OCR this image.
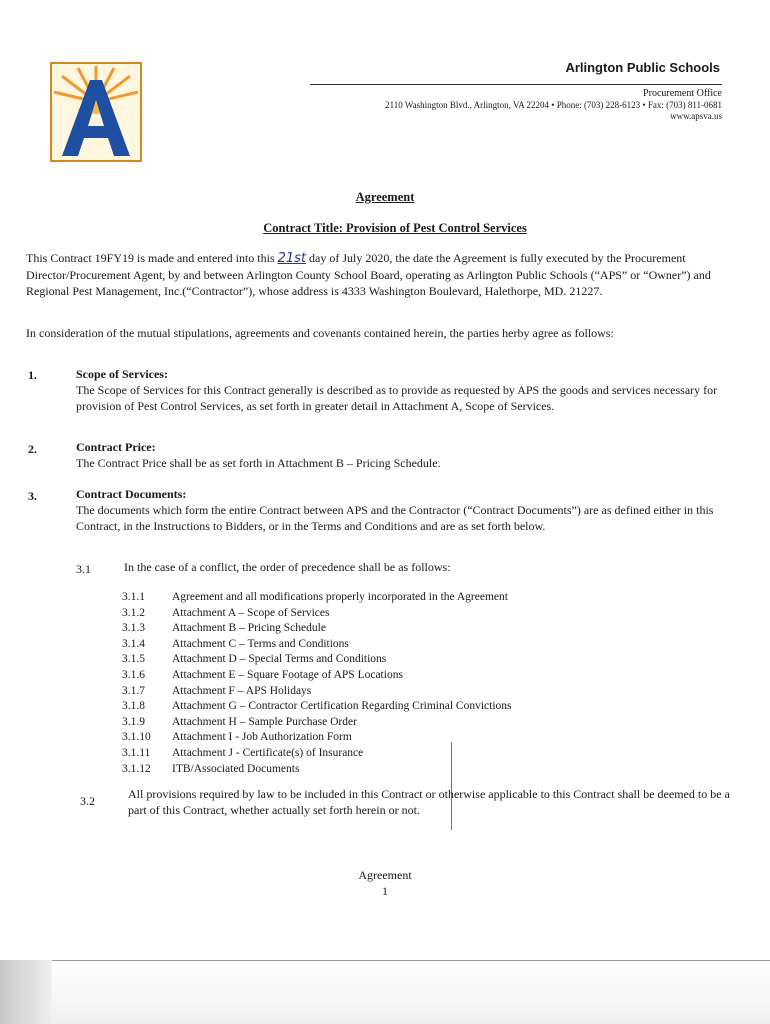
Arlington Public Schools
Procurement Office
2110 Washington Blvd., Arlington, VA 22204 • Phone: (703) 228-6123 • Fax: (703) 811-0681
www.apsva.us
Agreement
Contract Title: Provision of Pest Control Services
This Contract 19FY19 is made and entered into this 21st day of July 2020, the date the Agreement is fully executed by the Procurement Director/Procurement Agent, by and between Arlington County School Board, operating as Arlington Public Schools (“APS” or “Owner”) and Regional Pest Management, Inc.(“Contractor”), whose address is 4333 Washington Boulevard, Halethorpe, MD. 21227.
In consideration of the mutual stipulations, agreements and covenants contained herein, the parties herby agree as follows:
1.	Scope of Services:
The Scope of Services for this Contract generally is described as to provide as requested by APS the goods and services necessary for provision of Pest Control Services, as set forth in greater detail in Attachment A, Scope of Services.
2.	Contract Price:
The Contract Price shall be as set forth in Attachment B – Pricing Schedule.
3.	Contract Documents:
The documents which form the entire Contract between APS and the Contractor (“Contract Documents”) are as defined either in this Contract, in the Instructions to Bidders, or in the Terms and Conditions and are as set forth below.
3.1	In the case of a conflict, the order of precedence shall be as follows:
3.1.1	Agreement and all modifications properly incorporated in the Agreement
3.1.2	Attachment A – Scope of Services
3.1.3	Attachment B – Pricing Schedule
3.1.4	Attachment C – Terms and Conditions
3.1.5	Attachment D – Special Terms and Conditions
3.1.6	Attachment E – Square Footage of APS Locations
3.1.7	Attachment F – APS Holidays
3.1.8	Attachment G – Contractor Certification Regarding Criminal Convictions
3.1.9	Attachment H – Sample Purchase Order
3.1.10	Attachment I - Job Authorization Form
3.1.11	Attachment J - Certificate(s) of Insurance
3.1.12	ITB/Associated Documents
3.2	All provisions required by law to be included in this Contract or otherwise applicable to this Contract shall be deemed to be a part of this Contract, whether actually set forth herein or not.
Agreement
1
